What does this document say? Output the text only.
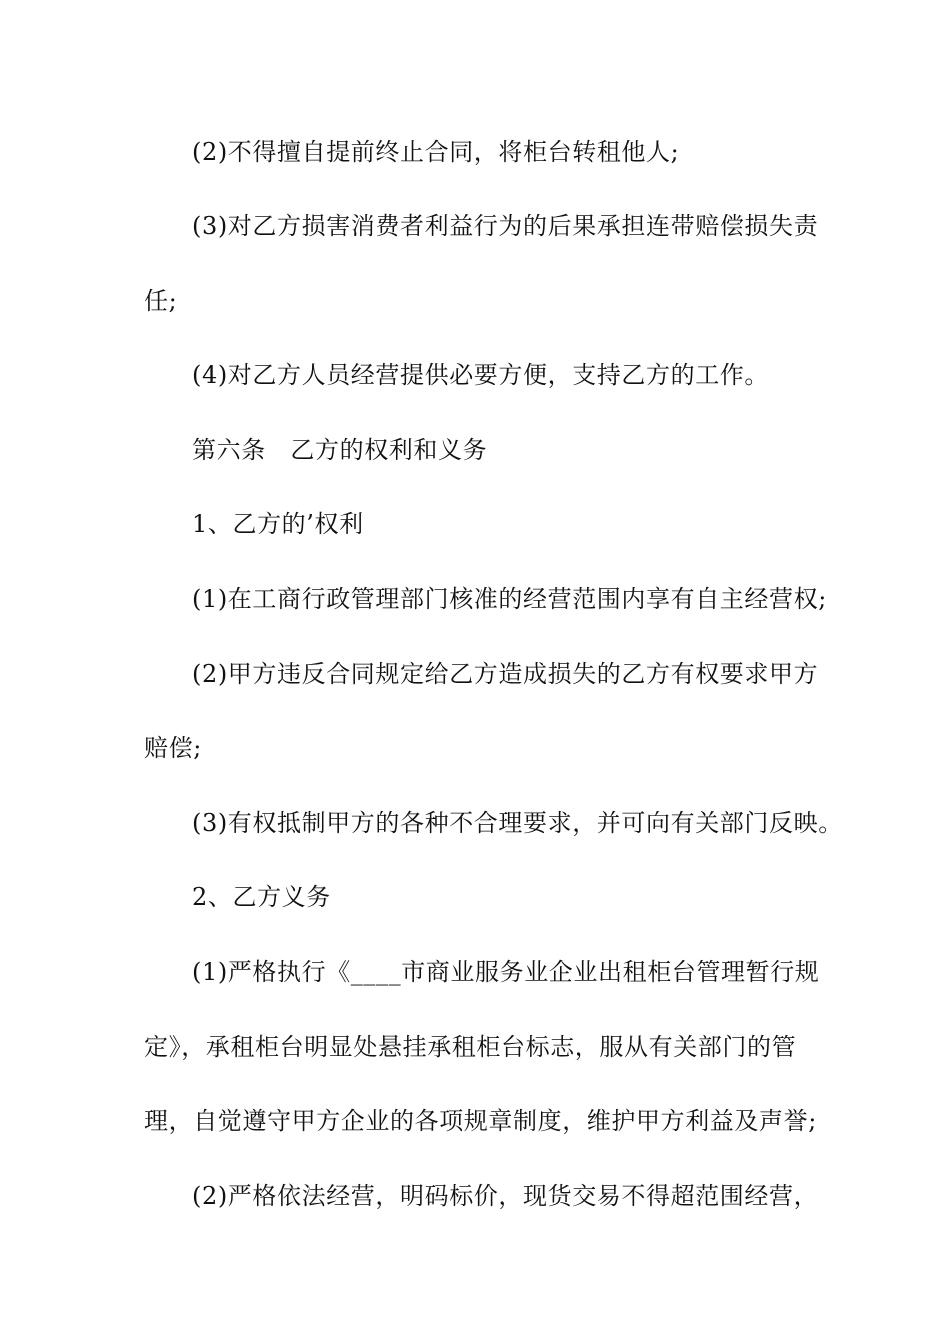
(2)不得擅自提前终止合同，将柜台转租他人;
(3)对乙方损害消费者利益行为的后果承担连带赔偿损失责
任;
(4)对乙方人员经营提供必要方便，支持乙方的工作。
第六条　乙方的权利和义务
1、乙方的’权利
(1)在工商行政管理部门核准的经营范围内享有自主经营权;
(2)甲方违反合同规定给乙方造成损失的乙方有权要求甲方
赔偿;
(3)有权抵制甲方的各种不合理要求，并可向有关部门反映。
2、乙方义务
(1)严格执行《____市商业服务业企业出租柜台管理暂行规
定》，承租柜台明显处悬挂承租柜台标志，服从有关部门的管
理，自觉遵守甲方企业的各项规章制度，维护甲方利益及声誉;
(2)严格依法经营，明码标价，现货交易不得超范围经营，
